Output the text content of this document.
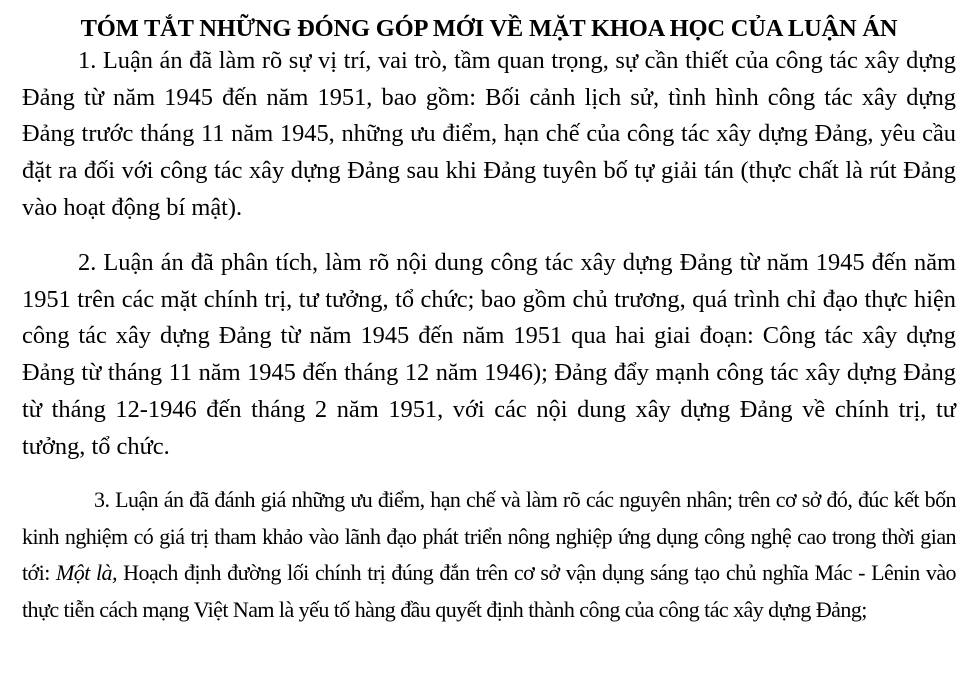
TÓM TẮT NHỮNG ĐÓNG GÓP MỚI VỀ MẶT KHOA HỌC CỦA LUẬN ÁN
1. Luận án đã làm rõ sự vị trí, vai trò, tầm quan trọng, sự cần thiết của công tác xây dựng Đảng từ năm 1945 đến năm 1951, bao gồm: Bối cảnh lịch sử, tình hình công tác xây dựng Đảng trước tháng 11 năm 1945, những ưu điểm, hạn chế của công tác xây dựng Đảng, yêu cầu đặt ra đối với công tác xây dựng Đảng sau khi Đảng tuyên bố tự giải tán (thực chất là rút Đảng vào hoạt động bí mật).
2. Luận án đã phân tích, làm rõ nội dung công tác xây dựng Đảng từ năm 1945 đến năm 1951 trên các mặt chính trị, tư tưởng, tổ chức; bao gồm chủ trương, quá trình chỉ đạo thực hiện công tác xây dựng Đảng từ năm 1945 đến năm 1951 qua hai giai đoạn: Công tác xây dựng Đảng từ tháng 11 năm 1945 đến tháng 12 năm 1946); Đảng đẩy mạnh công tác xây dựng Đảng từ tháng 12-1946 đến tháng 2 năm 1951, với các nội dung xây dựng Đảng về chính trị, tư tưởng, tổ chức.
3. Luận án đã đánh giá những ưu điểm, hạn chế và làm rõ các nguyên nhân; trên cơ sở đó, đúc kết bốn kinh nghiệm có giá trị tham khảo vào lãnh đạo phát triển nông nghiệp ứng dụng công nghệ cao trong thời gian tới: Một là, Hoạch định đường lối chính trị đúng đắn trên cơ sở vận dụng sáng tạo chủ nghĩa Mác - Lênin vào thực tiễn cách mạng Việt Nam là yếu tố hàng đầu quyết định thành công của công tác xây dựng Đảng;
